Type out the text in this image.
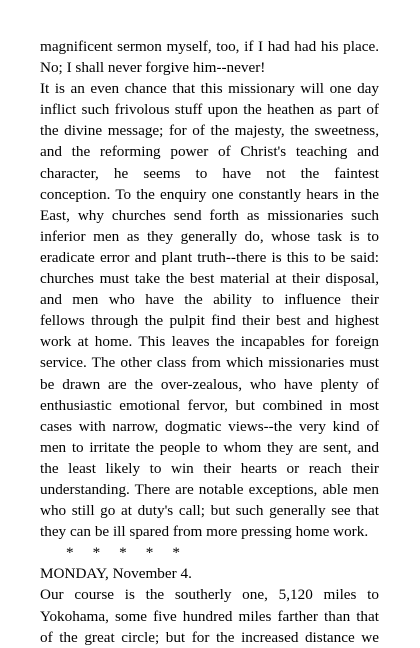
magnificent sermon myself, too, if I had had his place.
No; I shall never forgive him--never!
It is an even chance that this missionary will one day
inflict such frivolous stuff upon the heathen as part of
the divine message; for of the majesty, the sweetness,
and the reforming power of Christ's teaching and
character, he seems to have not the faintest
conception. To the enquiry one constantly hears in the
East, why churches send forth as missionaries such
inferior men as they generally do, whose task is to
eradicate error and plant truth--there is this to be said:
churches must take the best material at their disposal,
and men who have the ability to influence their
fellows through the pulpit find their best and highest
work at home. This leaves the incapables for foreign
service. The other class from which missionaries must
be drawn are the over-zealous, who have plenty of
enthusiastic emotional fervor, but combined in most
cases with narrow, dogmatic views--the very kind of
men to irritate the people to whom they are sent, and
the least likely to win their hearts or reach their
understanding. There are notable exceptions, able men
who still go at duty's call; but such generally see that
they can be ill spared from more pressing home work.
*     *     *     *     *
MONDAY, November 4.
Our course is the southerly one, 5,120 miles to
Yokohama, some five hundred miles farther than that
of the great circle; but for the increased distance we
